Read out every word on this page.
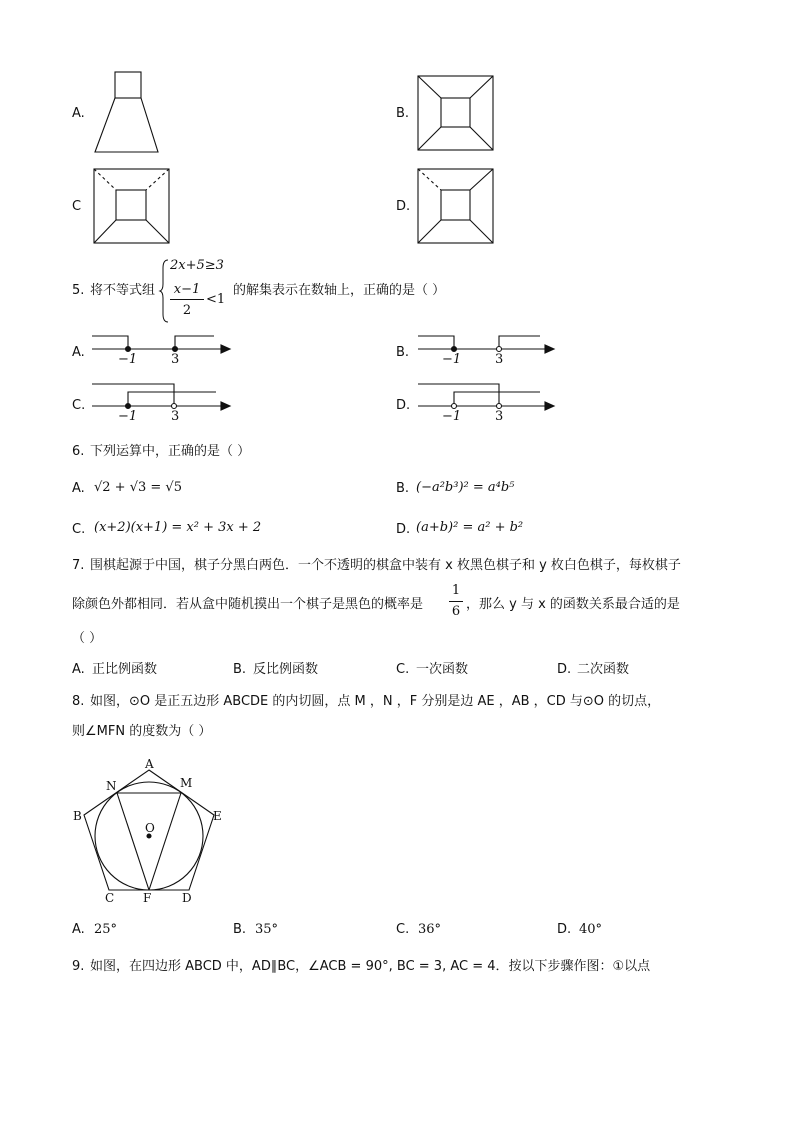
A.	B.
C	D.
5. 将不等式组
2x+5≥3
x−1
2
<1
的解集表示在数轴上，正确的是（ ）
A.	−1	3	B.	−1	3
C.
−1	3
D.
−1	3
6. 下列运算中，正确的是（ ）
A. √2 + √3 = √5	B. (−a²b³)² = a⁴b⁵
C. (x+2)(x+1) = x² + 3x + 2	D. (a+b)² = a² + b²
7. 围棋起源于中国，棋子分黑白两色．一个不透明的棋盒中装有 x 枚黑色棋子和 y 枚白色棋子，每枚棋子
除颜色外都相同．若从盒中随机摸出一个棋子是黑色的概率是
1
6 ，那么 y 与 x 的函数关系最合适的是
（ ）
A. 正比例函数	B. 反比例函数	C. 一次函数	D. 二次函数
8. 如图，⊙O 是正五边形 ABCDE 的内切圆，点 M ，N ，F 分别是边 AE ，AB ，CD 与⊙O 的切点，
则∠MFN 的度数为（ ）
A
B
C	D
E
F
M
N
O
A. 25°	B. 35°	C. 36°	D. 40°
9. 如图，在四边形 ABCD 中，AD∥BC，∠ACB = 90°, BC = 3, AC = 4．按以下步骤作图：①以点
